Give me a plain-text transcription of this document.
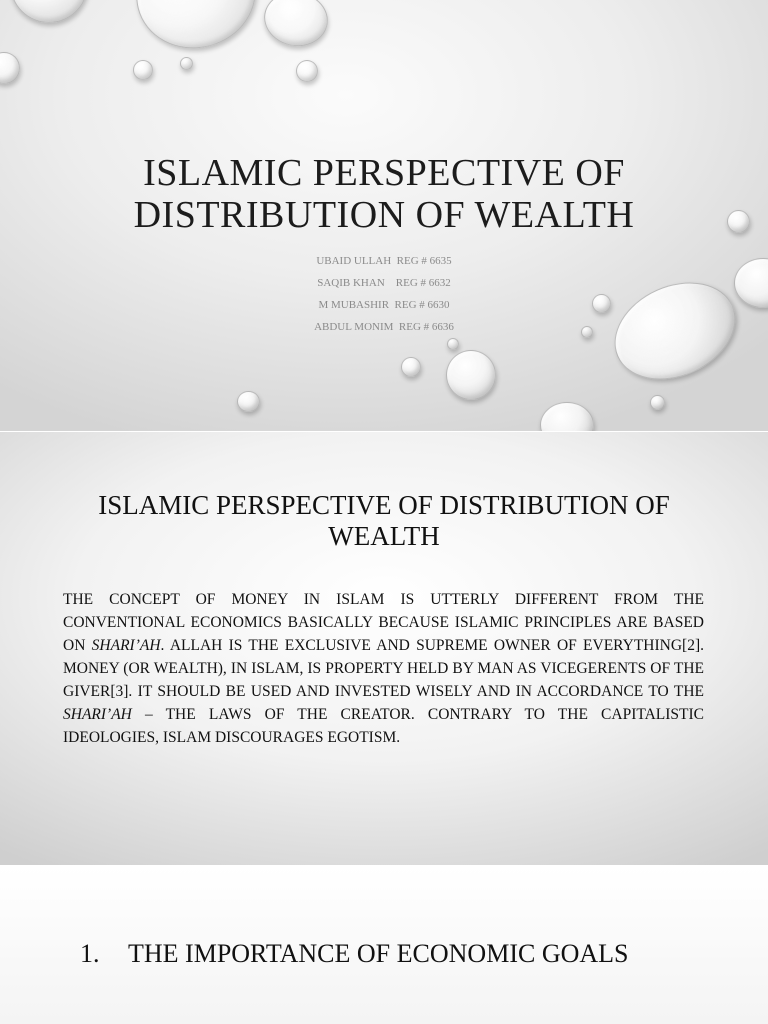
ISLAMIC PERSPECTIVE OF
DISTRIBUTION OF WEALTH
UBAID ULLAH  REG # 6635
SAQIB KHAN    REG # 6632
M MUBASHIR  REG # 6630
ABDUL MONIM  REG # 6636
ISLAMIC PERSPECTIVE OF DISTRIBUTION OF
WEALTH

THE CONCEPT OF MONEY IN ISLAM IS UTTERLY DIFFERENT FROM THE CONVENTIONAL ECONOMICS BASICALLY BECAUSE ISLAMIC PRINCIPLES ARE BASED ON SHARI’AH. ALLAH IS THE EXCLUSIVE AND SUPREME OWNER OF EVERYTHING[2]. MONEY (OR WEALTH), IN ISLAM, IS PROPERTY HELD BY MAN AS VICEGERENTS OF THE GIVER[3]. IT SHOULD BE USED AND INVESTED WISELY AND IN ACCORDANCE TO THE SHARI’AH – THE LAWS OF THE CREATOR. CONTRARY TO THE CAPITALISTIC IDEOLOGIES, ISLAM DISCOURAGES EGOTISM.

1. THE IMPORTANCE OF ECONOMIC GOALS
